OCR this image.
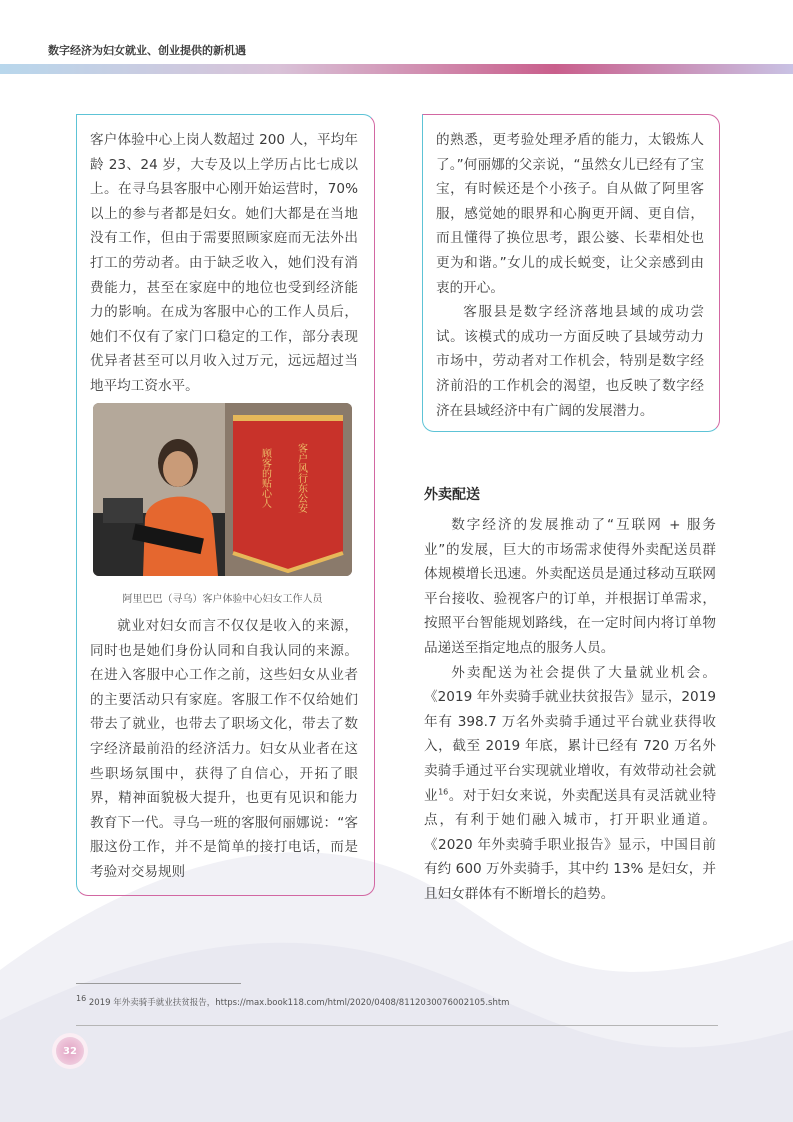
数字经济为妇女就业、创业提供的新机遇

客户体验中心上岗人数超过 200 人，平均年龄 23、24 岁，大专及以上学历占比七成以上。在寻乌县客服中心刚开始运营时，70% 以上的参与者都是妇女。她们大都是在当地没有工作，但由于需要照顾家庭而无法外出打工的劳动者。由于缺乏收入，她们没有消费能力，甚至在家庭中的地位也受到经济能力的影响。在成为客服中心的工作人员后，她们不仅有了家门口稳定的工作，部分表现优异者甚至可以月收入过万元，远远超过当地平均工资水平。

顾客的贴心人	客户风行东公安
阿里巴巴（寻乌）客户体验中心妇女工作人员

就业对妇女而言不仅仅是收入的来源，同时也是她们身份认同和自我认同的来源。在进入客服中心工作之前，这些妇女从业者的主要活动只有家庭。客服工作不仅给她们带去了就业，也带去了职场文化，带去了数字经济最前沿的经济活力。妇女从业者在这些职场氛围中，获得了自信心，开拓了眼界，精神面貌极大提升，也更有见识和能力教育下一代。寻乌一班的客服何丽娜说：“客服这份工作，并不是简单的接打电话，而是考验对交易规则

的熟悉，更考验处理矛盾的能力，太锻炼人了。”何丽娜的父亲说，“虽然女儿已经有了宝宝，有时候还是个小孩子。自从做了阿里客服，感觉她的眼界和心胸更开阔、更自信，而且懂得了换位思考，跟公婆、长辈相处也更为和谐。”女儿的成长蜕变，让父亲感到由衷的开心。

客服县是数字经济落地县域的成功尝试。该模式的成功一方面反映了县域劳动力市场中，劳动者对工作机会，特别是数字经济前沿的工作机会的渴望，也反映了数字经济在县域经济中有广阔的发展潜力。

外卖配送

数字经济的发展推动了“互联网 + 服务业”的发展，巨大的市场需求使得外卖配送员群体规模增长迅速。外卖配送员是通过移动互联网平台接收、验视客户的订单，并根据订单需求，按照平台智能规划路线，在一定时间内将订单物品递送至指定地点的服务人员。

外卖配送为社会提供了大量就业机会。《2019 年外卖骑手就业扶贫报告》显示，2019 年有 398.7 万名外卖骑手通过平台就业获得收入，截至 2019 年底，累计已经有 720 万名外卖骑手通过平台实现就业增收，有效带动社会就业$^{16}$。对于妇女来说，外卖配送具有灵活就业特点，有利于她们融入城市，打开职业通道。《2020 年外卖骑手职业报告》显示，中国目前有约 600 万外卖骑手，其中约 13% 是妇女，并且妇女群体有不断增长的趋势。

$^{16}$ 2019 年外卖骑手就业扶贫报告，https://max.book118.com/html/2020/0408/8112030076002105.shtm
32
